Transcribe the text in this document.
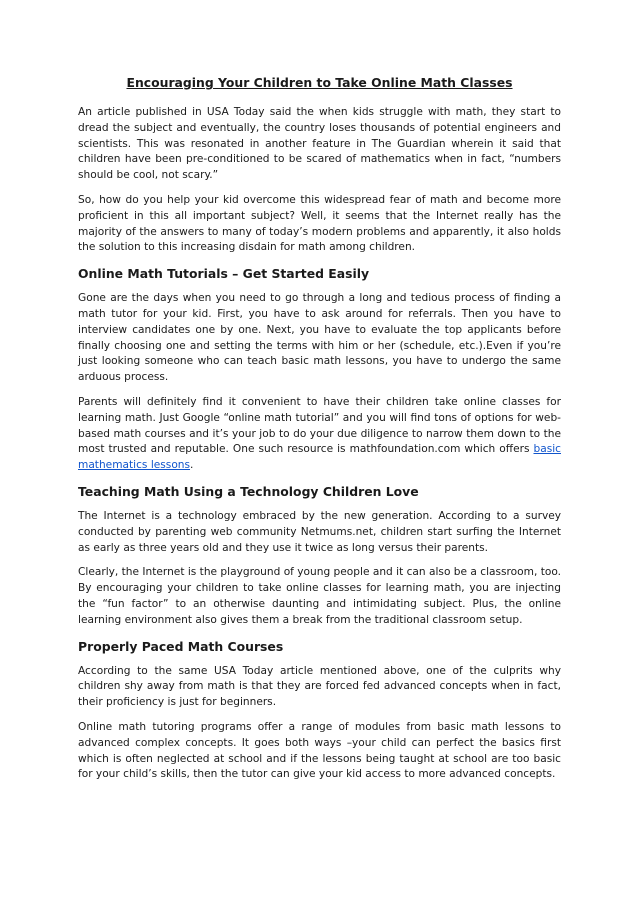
Encouraging Your Children to Take Online Math Classes

An article published in USA Today said the when kids struggle with math, they start to dread the subject and eventually, the country loses thousands of potential engineers and scientists. This was resonated in another feature in The Guardian wherein it said that children have been pre-conditioned to be scared of mathematics when in fact, “numbers should be cool, not scary.”

So, how do you help your kid overcome this widespread fear of math and become more proficient in this all important subject? Well, it seems that the Internet really has the majority of the answers to many of today’s modern problems and apparently, it also holds the solution to this increasing disdain for math among children.

Online Math Tutorials – Get Started Easily

Gone are the days when you need to go through a long and tedious process of finding a math tutor for your kid. First, you have to ask around for referrals. Then you have to interview candidates one by one. Next, you have to evaluate the top applicants before finally choosing one and setting the terms with him or her (schedule, etc.).Even if you’re just looking someone who can teach basic math lessons, you have to undergo the same arduous process.

Parents will definitely find it convenient to have their children take online classes for learning math. Just Google “online math tutorial” and you will find tons of options for web-based math courses and it’s your job to do your due diligence to narrow them down to the most trusted and reputable. One such resource is mathfoundation.com which offers basic mathematics lessons.

Teaching Math Using a Technology Children Love

The Internet is a technology embraced by the new generation. According to a survey conducted by parenting web community Netmums.net, children start surfing the Internet as early as three years old and they use it twice as long versus their parents.

Clearly, the Internet is the playground of young people and it can also be a classroom, too. By encouraging your children to take online classes for learning math, you are injecting the “fun factor” to an otherwise daunting and intimidating subject. Plus, the online learning environment also gives them a break from the traditional classroom setup.

Properly Paced Math Courses

According to the same USA Today article mentioned above, one of the culprits why children shy away from math is that they are forced fed advanced concepts when in fact, their proficiency is just for beginners.

Online math tutoring programs offer a range of modules from basic math lessons to advanced complex concepts. It goes both ways –your child can perfect the basics first which is often neglected at school and if the lessons being taught at school are too basic for your child’s skills, then the tutor can give your kid access to more advanced concepts.
